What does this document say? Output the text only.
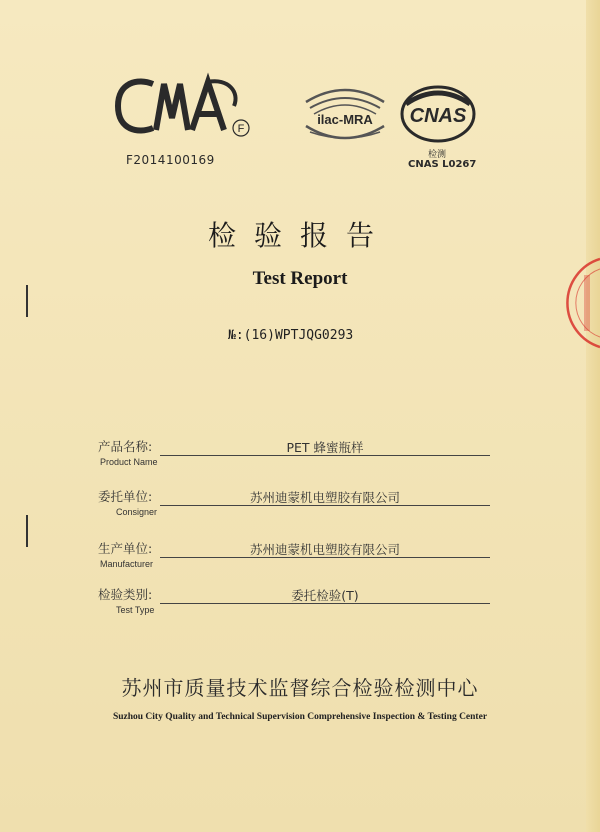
F
F2014100169
ilac-MRA CNAS
检测
CNAS L0267
检验报告
Test Report
№:(16)WPTJQG0293
产品名称:
Product Name
PET 蜂蜜瓶样
委托单位:
Consigner
苏州迪蒙机电塑胶有限公司
生产单位:
Manufacturer
苏州迪蒙机电塑胶有限公司
检验类别:
Test Type
委托检验(T)
苏州市质量技术监督综合检验检测中心
Suzhou City Quality and Technical Supervision Comprehensive Inspection & Testing Center
